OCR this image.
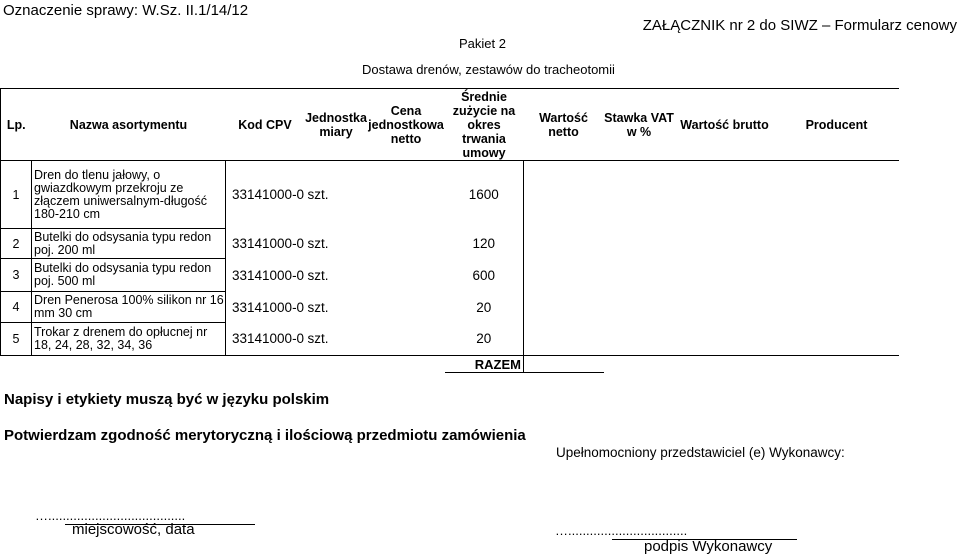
Oznaczenie sprawy: W.Sz. II.1/14/12
ZAŁĄCZNIK nr 2 do SIWZ – Formularz cenowy
Pakiet 2
Dostawa drenów, zestawów do tracheotomii
Lp.	Nazwa asortymentu	Kod CPV	Jednostka miary	Cena jednostkowa netto	Średnie zużycie na okres trwania umowy	Wartość netto	Stawka VAT w %	Wartość brutto	Producent
1	Dren do tlenu jałowy, o gwiazdkowym przekroju ze złączem uniwersalnym-długość 180-210 cm	33141000-0	szt.		1600				
2	Butelki do odsysania typu redon poj. 200 ml	33141000-0	szt.		120				
3	Butelki do odsysania typu redon poj. 500 ml	33141000-0	szt.		600				
4	Dren Penerosa 100% silikon nr 16 mm 30 cm	33141000-0	szt.		20				
5	Trokar z drenem do opłucnej nr 18, 24, 28, 32, 34, 36	33141000-0	szt.		20				
					RAZEM				
Napisy i etykiety muszą być w języku polskim
Potwierdzam zgodność merytoryczną i ilościową przedmiotu zamówienia
Upełnomocniony przedstawiciel (e) Wykonawcy:
…......................................
miejscowość, data	….................................
podpis Wykonawcy
